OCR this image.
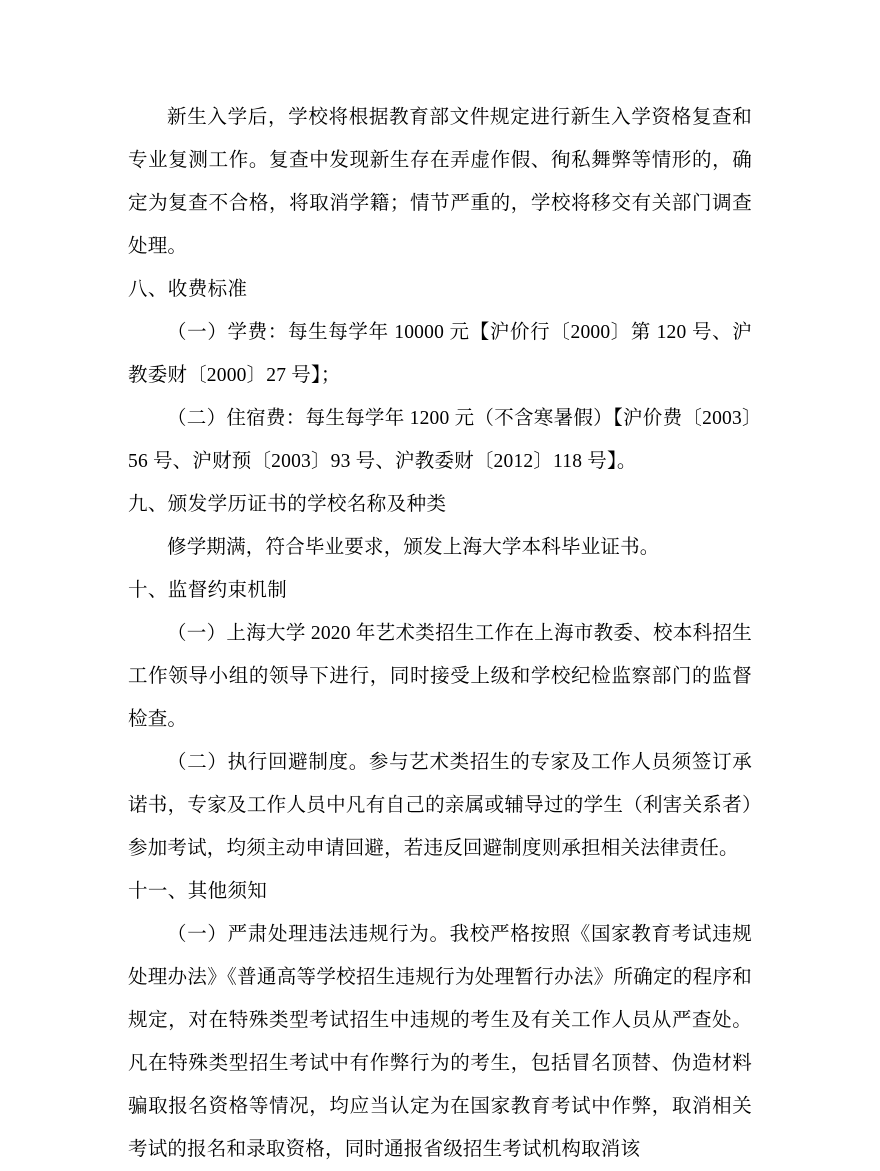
新生入学后，学校将根据教育部文件规定进行新生入学资格复查和专业复测工作。复查中发现新生存在弄虚作假、徇私舞弊等情形的，确定为复查不合格，将取消学籍；情节严重的，学校将移交有关部门调查处理。

八、收费标准

（一）学费：每生每学年 10000 元【沪价行〔2000〕第 120 号、沪教委财〔2000〕27 号】；

（二）住宿费：每生每学年 1200 元（不含寒暑假）【沪价费〔2003〕56 号、沪财预〔2003〕93 号、沪教委财〔2012〕118 号】。

九、颁发学历证书的学校名称及种类

修学期满，符合毕业要求，颁发上海大学本科毕业证书。

十、监督约束机制

（一）上海大学 2020 年艺术类招生工作在上海市教委、校本科招生工作领导小组的领导下进行，同时接受上级和学校纪检监察部门的监督检查。

（二）执行回避制度。参与艺术类招生的专家及工作人员须签订承诺书，专家及工作人员中凡有自己的亲属或辅导过的学生（利害关系者）参加考试，均须主动申请回避，若违反回避制度则承担相关法律责任。

十一、其他须知

（一）严肃处理违法违规行为。我校严格按照《国家教育考试违规处理办法》《普通高等学校招生违规行为处理暂行办法》所确定的程序和规定，对在特殊类型考试招生中违规的考生及有关工作人员从严查处。凡在特殊类型招生考试中有作弊行为的考生，包括冒名顶替、伪造材料骗取报名资格等情况，均应当认定为在国家教育考试中作弊，取消相关考试的报名和录取资格，同时通报省级招生考试机构取消该
